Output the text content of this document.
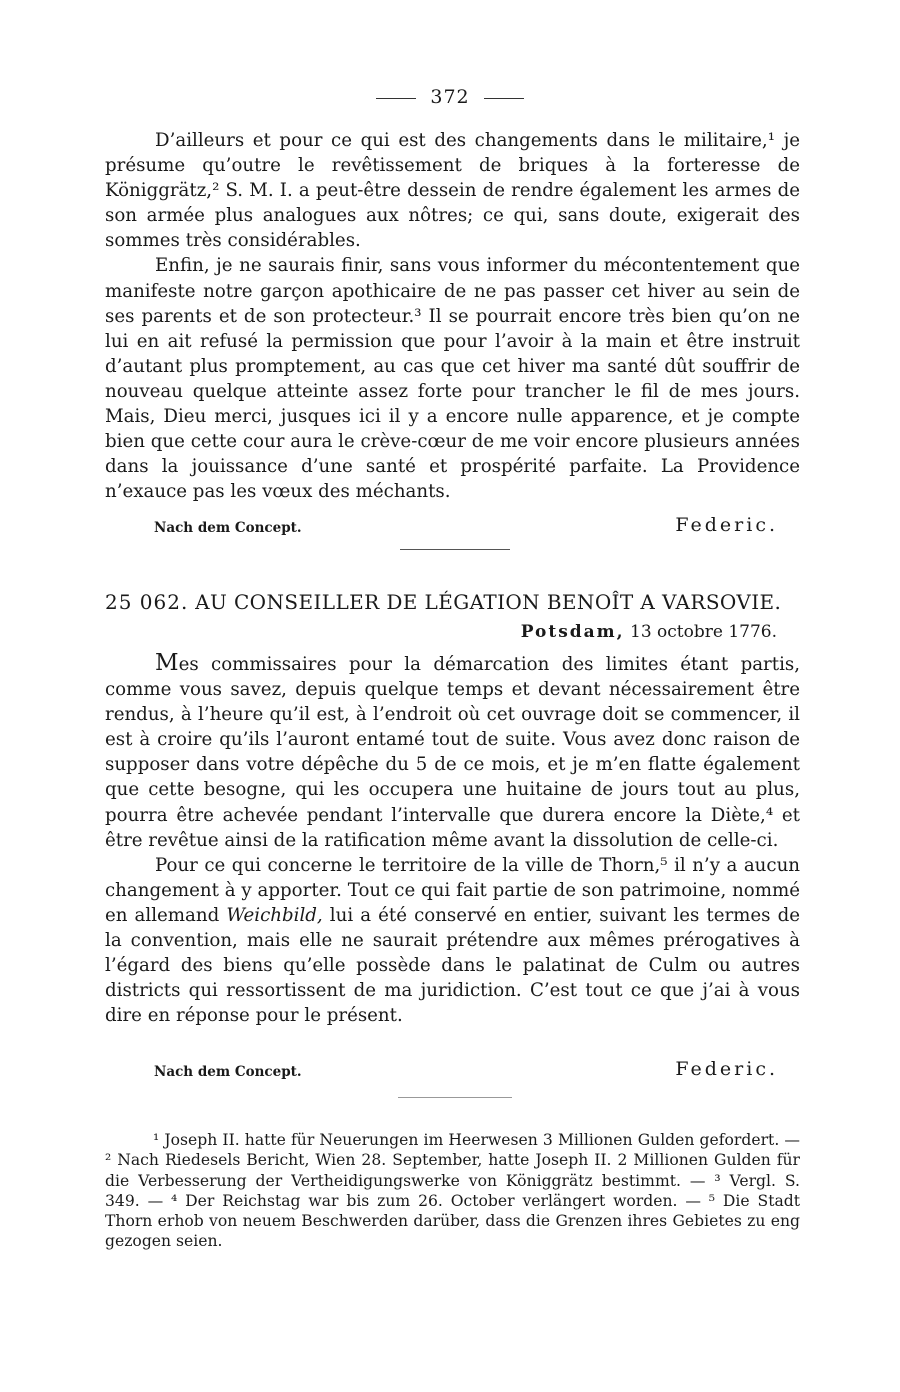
372

D’ailleurs et pour ce qui est des changements dans le militaire,¹ je présume qu’outre le revêtissement de briques à la forteresse de Königgrätz,² S. M. I. a peut-être dessein de rendre également les armes de son armée plus analogues aux nôtres; ce qui, sans doute, exigerait des sommes très considérables.

Enfin, je ne saurais finir, sans vous informer du mécontentement que manifeste notre garçon apothicaire de ne pas passer cet hiver au sein de ses parents et de son protecteur.³ Il se pourrait encore très bien qu’on ne lui en ait refusé la permission que pour l’avoir à la main et être instruit d’autant plus promptement, au cas que cet hiver ma santé dût souffrir de nouveau quelque atteinte assez forte pour trancher le fil de mes jours. Mais, Dieu merci, jusques ici il y a encore nulle apparence, et je compte bien que cette cour aura le crève-cœur de me voir encore plusieurs années dans la jouissance d’une santé et prospérité parfaite. La Providence n’exauce pas les vœux des méchants.

Nach dem Concept.	Federic.
25 062. AU CONSEILLER DE LÉGATION BENOÎT A VARSOVIE.
Potsdam, 13 octobre 1776.

Mes commissaires pour la démarcation des limites étant partis, comme vous savez, depuis quelque temps et devant nécessairement être rendus, à l’heure qu’il est, à l’endroit où cet ouvrage doit se commencer, il est à croire qu’ils l’auront entamé tout de suite. Vous avez donc raison de supposer dans votre dépêche du 5 de ce mois, et je m’en flatte également que cette besogne, qui les occupera une huitaine de jours tout au plus, pourra être achevée pendant l’intervalle que durera encore la Diète,⁴ et être revêtue ainsi de la ratification même avant la dissolution de celle-ci.

Pour ce qui concerne le territoire de la ville de Thorn,⁵ il n’y a aucun changement à y apporter. Tout ce qui fait partie de son patrimoine, nommé en allemand Weichbild, lui a été conservé en entier, suivant les termes de la convention, mais elle ne saurait prétendre aux mêmes prérogatives à l’égard des biens qu’elle possède dans le palatinat de Culm ou autres districts qui ressortissent de ma juridiction. C’est tout ce que j’ai à vous dire en réponse pour le présent.

Nach dem Concept.	Federic.

¹ Joseph II. hatte für Neuerungen im Heerwesen 3 Millionen Gulden gefordert. — ² Nach Riedesels Bericht, Wien 28. September, hatte Joseph II. 2 Millionen Gulden für die Verbesserung der Vertheidigungswerke von Königgrätz bestimmt. — ³ Vergl. S. 349. — ⁴ Der Reichstag war bis zum 26. October verlängert worden. — ⁵ Die Stadt Thorn erhob von neuem Beschwerden darüber, dass die Grenzen ihres Gebietes zu eng gezogen seien.
